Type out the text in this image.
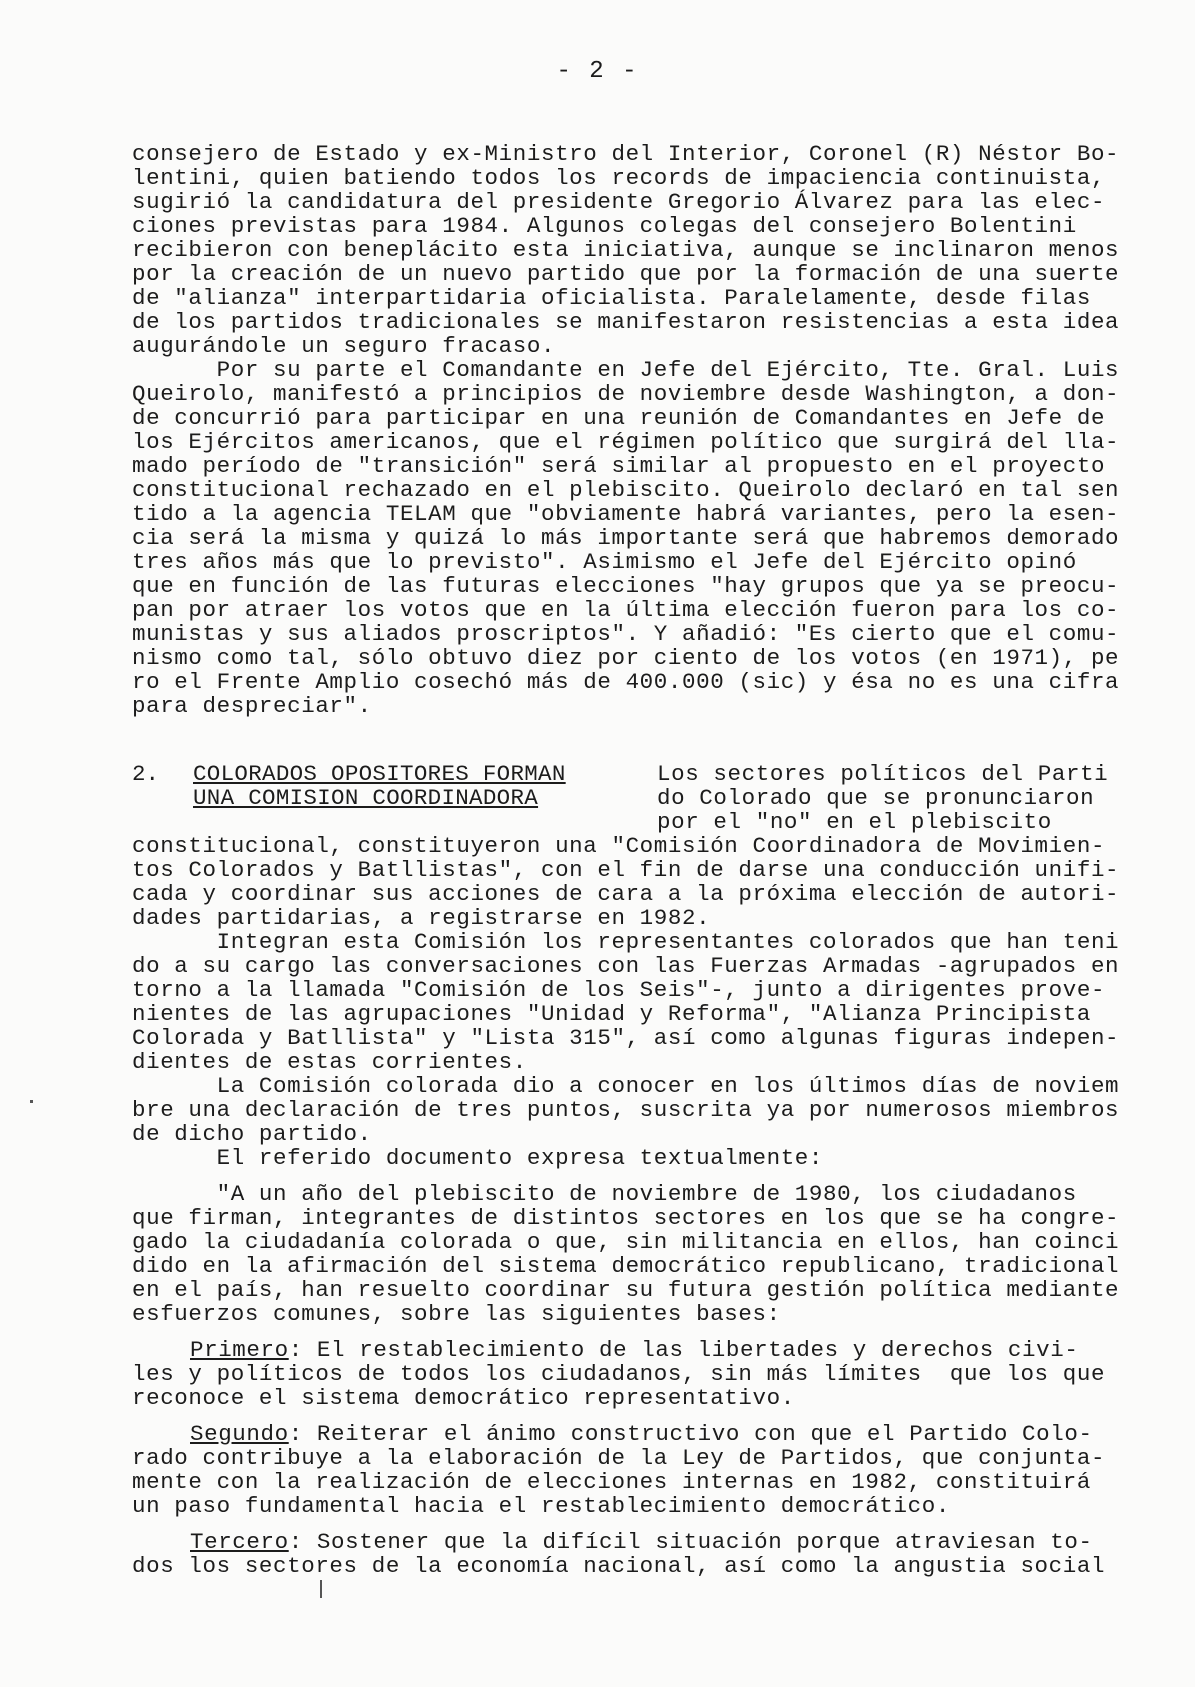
- 2 -

consejero de Estado y ex-Ministro del Interior, Coronel (R) Néstor Bo-

lentini, quien batiendo todos los records de impaciencia continuista,

sugirió la candidatura del presidente Gregorio Álvarez para las elec-

ciones previstas para 1984. Algunos colegas del consejero Bolentini

recibieron con beneplácito esta iniciativa, aunque se inclinaron menos

por la creación de un nuevo partido que por la formación de una suerte

de "alianza" interpartidaria oficialista. Paralelamente, desde filas

de los partidos tradicionales se manifestaron resistencias a esta idea

augurándole un seguro fracaso.

Por su parte el Comandante en Jefe del Ejército, Tte. Gral. Luis

Queirolo, manifestó a principios de noviembre desde Washington, a don-

de concurrió para participar en una reunión de Comandantes en Jefe de

los Ejércitos americanos, que el régimen político que surgirá del lla-

mado período de "transición" será similar al propuesto en el proyecto

constitucional rechazado en el plebiscito. Queirolo declaró en tal sen

tido a la agencia TELAM que "obviamente habrá variantes, pero la esen-

cia será la misma y quizá lo más importante será que habremos demorado

tres años más que lo previsto". Asimismo el Jefe del Ejército opinó

que en función de las futuras elecciones "hay grupos que ya se preocu-

pan por atraer los votos que en la última elección fueron para los co-

munistas y sus aliados proscriptos". Y añadió: "Es cierto que el comu-

nismo como tal, sólo obtuvo diez por ciento de los votos (en 1971), pe

ro el Frente Amplio cosechó más de 400.000 (sic) y ésa no es una cifra

para despreciar".

2. COLORADOS OPOSITORES FORMAN

UNA COMISION COORDINADORA

Los sectores políticos del Parti

do Colorado que se pronunciaron

por el "no" en el plebiscito

constitucional, constituyeron una "Comisión Coordinadora de Movimien-

tos Colorados y Batllistas", con el fin de darse una conducción unifi-

cada y coordinar sus acciones de cara a la próxima elección de autori-

dades partidarias, a registrarse en 1982.

Integran esta Comisión los representantes colorados que han teni

do a su cargo las conversaciones con las Fuerzas Armadas -agrupados en

torno a la llamada "Comisión de los Seis"-, junto a dirigentes prove-

nientes de las agrupaciones "Unidad y Reforma", "Alianza Principista

Colorada y Batllista" y "Lista 315", así como algunas figuras indepen-

dientes de estas corrientes.

La Comisión colorada dio a conocer en los últimos días de noviem

bre una declaración de tres puntos, suscrita ya por numerosos miembros

de dicho partido.

El referido documento expresa textualmente:

"A un año del plebiscito de noviembre de 1980, los ciudadanos

que firman, integrantes de distintos sectores en los que se ha congre-

gado la ciudadanía colorada o que, sin militancia en ellos, han coinci

dido en la afirmación del sistema democrático republicano, tradicional

en el país, han resuelto coordinar su futura gestión política mediante

esfuerzos comunes, sobre las siguientes bases:

Primero: El restablecimiento de las libertades y derechos civi-

les y políticos de todos los ciudadanos, sin más límites  que los que

reconoce el sistema democrático representativo.

Segundo: Reiterar el ánimo constructivo con que el Partido Colo-

rado contribuye a la elaboración de la Ley de Partidos, que conjunta-

mente con la realización de elecciones internas en 1982, constituirá

un paso fundamental hacia el restablecimiento democrático.

Tercero: Sostener que la difícil situación porque atraviesan to-

dos los sectores de la economía nacional, así como la angustia social
